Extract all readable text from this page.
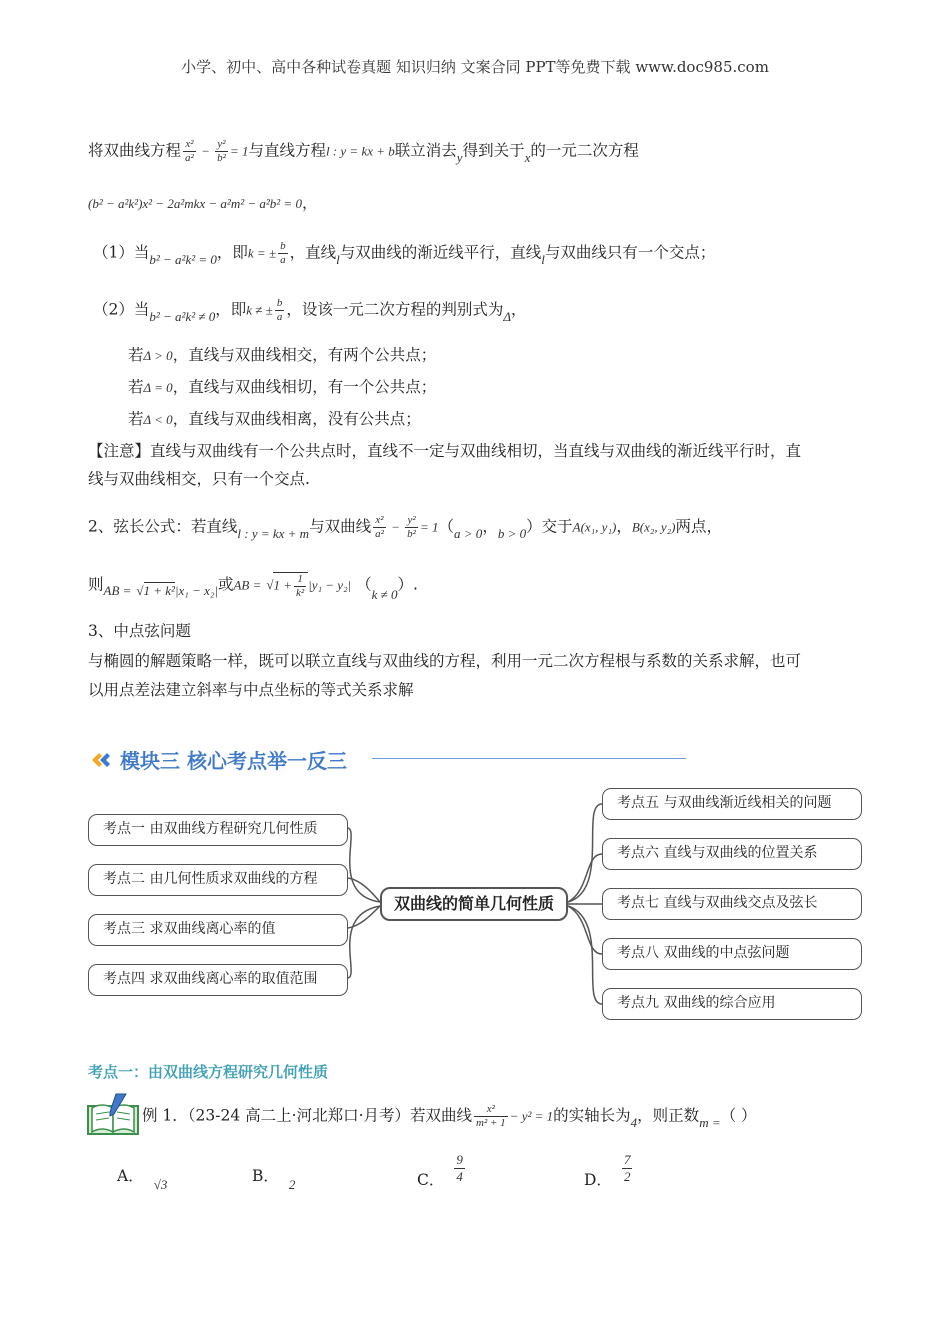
小学、初中、高中各种试卷真题 知识归纳 文案合同 PPT等免费下载 www.doc985.com
将双曲线方程 $\frac{\text{x²}}{\text{a²}} - \frac{\text{y²}}{\text{b²}} = 1$与直线方程l : y = kx + b联立消去$_y$得到关于$_x$的一元二次方程
(b² − a²k²)x² − 2a²mkx − a²m² − a²b² = 0，
（1）当$_{b^2 - a^2k^2 = 0}$，即k = ± $\frac{b}{a}$ ，直线$_l$与双曲线的渐近线平行，直线$_l$与双曲线只有一个交点；
（2）当$_{b^2 - a^2k^2 \ne 0}$，即k ≠ ± $\frac{b}{a}$ ，设该一元二次方程的判别式为$_\Delta$，
若Δ > 0，直线与双曲线相交，有两个公共点；
若Δ = 0，直线与双曲线相切，有一个公共点；
若Δ < 0，直线与双曲线相离，没有公共点；
【注意】直线与双曲线有一个公共点时，直线不一定与双曲线相切，当直线与双曲线的渐近线平行时，直
线与双曲线相交，只有一个交点.
2、弦长公式：若直线$_{l : y = kx + m}$与双曲线 $\frac{\text{x²}}{\text{a²}} - \frac{\text{y²}}{\text{b²}} = 1(_{a > 0}$，$_{b > 0}$）交于A(x₁, y₁)，B(x₂, y₂)两点，
则$_{AB =}$ $_{√1 + k^2|x_1 - x_2|}$或AB = $√1 + \frac{1}{\text{k²}} |y_1 - y_2|$ $(_{k \ne 0})$.
3、中点弦问题
与椭圆的解题策略一样，既可以联立直线与双曲线的方程，利用一元二次方程根与系数的关系求解，也可
以用点差法建立斜率与中点坐标的等式关系求解
模块三 核心考点举一反三
考点一 由双曲线方程研究几何性质
考点二 由几何性质求双曲线的方程
考点三 求双曲线离心率的值
考点四 求双曲线离心率的取值范围
双曲线的简单几何性质
考点五 与双曲线渐近线相关的问题
考点六 直线与双曲线的位置关系
考点七 直线与双曲线交点及弦长
考点八 双曲线的中点弦问题
考点九 双曲线的综合应用
考点一：由双曲线方程研究几何性质
例 1．（23-24 高二上·河北郑口·月考）若双曲线 $\frac{\text{x²}}{\text{m² + 1}} - y^2 = 1$的实轴长为$_4$，则正数$_{m =}$（ ）
A． $_{√3}$	B． $_2$	C． $\frac{9}{4}$	D． $\frac{7}{2}$
